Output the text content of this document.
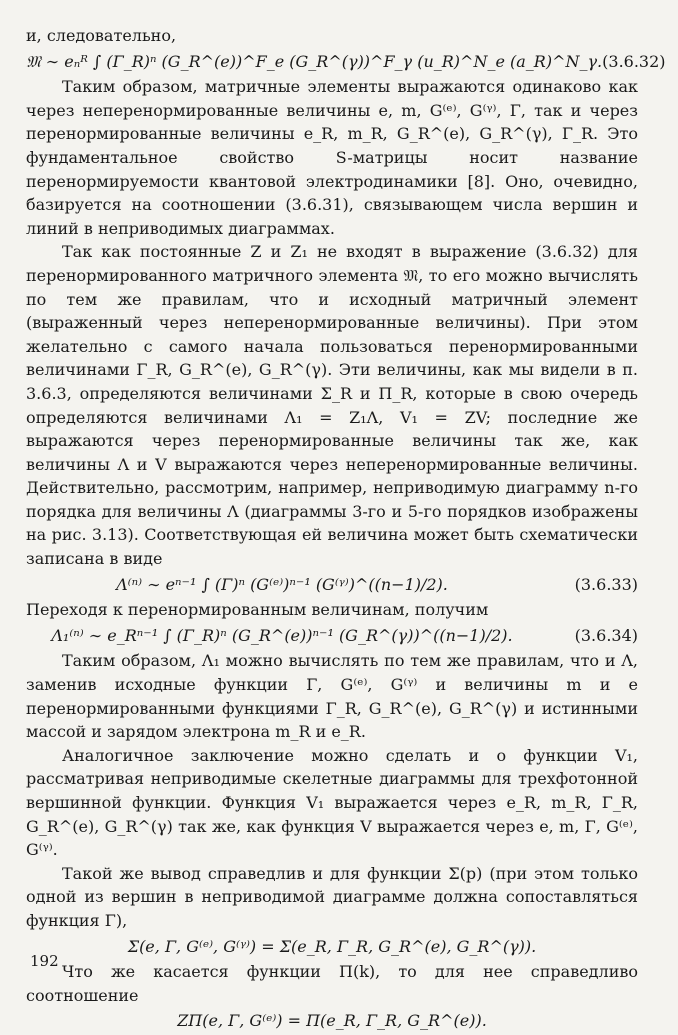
и, следовательно,

𝔐 ∼ eₙᴿ ∫ (Γ_R)ⁿ (G_R^(e))^F_e (G_R^(γ))^F_γ (u_R)^N_e (a_R)^N_γ. (3.6.32)

Таким образом, матричные элементы выражаются одинаково как через неперенормированные величины e, m, G⁽ᵉ⁾, G⁽ᵞ⁾, Γ, так и через перенормированные величины e_R, m_R, G_R^(e), G_R^(γ), Γ_R. Это фундаментальное свойство S-матрицы носит название перенормируемости квантовой электродинамики [8]. Оно, очевидно, базируется на соотношении (3.6.31), связывающем числа вершин и линий в неприводимых диаграммах.

Так как постоянные Z и Z₁ не входят в выражение (3.6.32) для перенормированного матричного элемента 𝔐, то его можно вычислять по тем же правилам, что и исходный матричный элемент (выраженный через неперенормированные величины). При этом желательно с самого начала пользоваться перенормированными величинами Γ_R, G_R^(e), G_R^(γ). Эти величины, как мы видели в п. 3.6.3, определяются величинами Σ_R и Π_R, которые в свою очередь определяются величинами Λ₁ = Z₁Λ, V₁ = ZV; последние же выражаются через перенормированные величины так же, как величины Λ и V выражаются через неперенормированные величины. Действительно, рассмотрим, например, неприводимую диаграмму n-го порядка для величины Λ (диаграммы 3-го и 5-го порядков изображены на рис. 3.13). Соответствующая ей величина может быть схематически записана в виде

Λ⁽ⁿ⁾ ∼ eⁿ⁻¹ ∫ (Γ)ⁿ (G⁽ᵉ⁾)ⁿ⁻¹ (G⁽ᵞ⁾)^((n−1)/2).	(3.6.33)

Переходя к перенормированным величинам, получим

Λ₁⁽ⁿ⁾ ∼ e_Rⁿ⁻¹ ∫ (Γ_R)ⁿ (G_R^(e))ⁿ⁻¹ (G_R^(γ))^((n−1)/2).	(3.6.34)

Таким образом, Λ₁ можно вычислять по тем же правилам, что и Λ, заменив исходные функции Γ, G⁽ᵉ⁾, G⁽ᵞ⁾ и величины m и e перенормированными функциями Γ_R, G_R^(e), G_R^(γ) и истинными массой и зарядом электрона m_R и e_R.

Аналогичное заключение можно сделать и о функции V₁, рассматривая неприводимые скелетные диаграммы для трехфотонной вершинной функции. Функция V₁ выражается через e_R, m_R, Γ_R, G_R^(e), G_R^(γ) так же, как функция V выражается через e, m, Γ, G⁽ᵉ⁾, G⁽ᵞ⁾.

Такой же вывод справедлив и для функции Σ(p) (при этом только одной из вершин в неприводимой диаграмме должна сопоставляться функция Γ),

Σ(e, Γ, G⁽ᵉ⁾, G⁽ᵞ⁾) = Σ(e_R, Γ_R, G_R^(e), G_R^(γ)).

Что же касается функции Π(k), то для нее справедливо соотношение

ZΠ(e, Γ, G⁽ᵉ⁾) = Π(e_R, Γ_R, G_R^(e)).
192
